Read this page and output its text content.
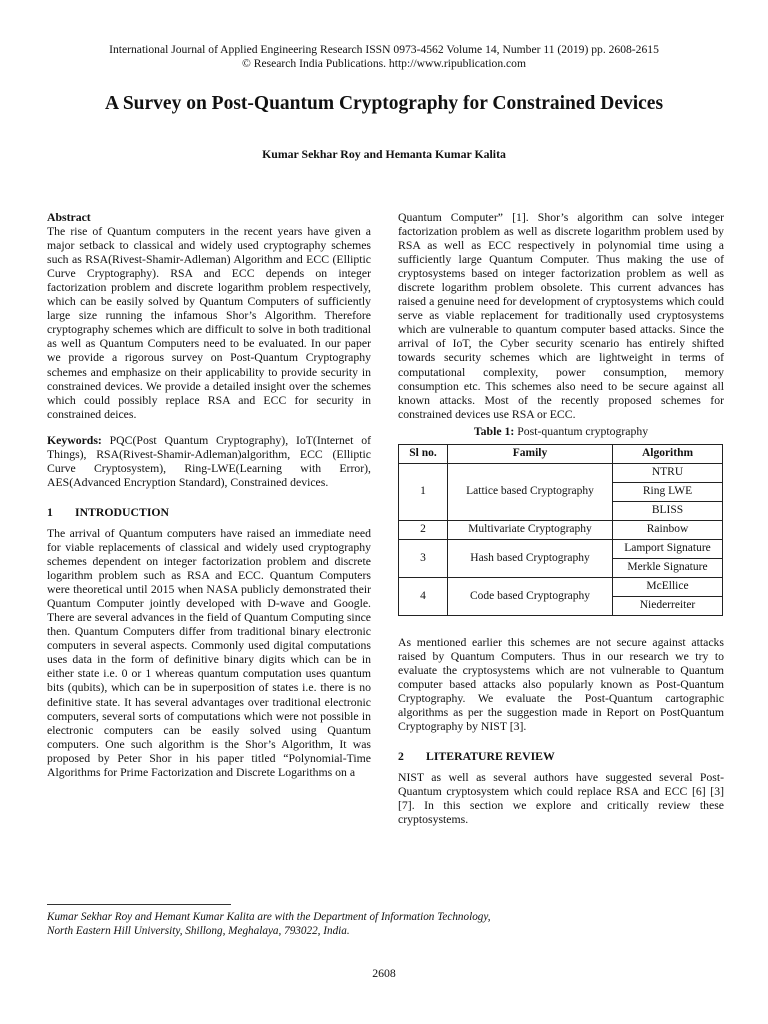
International Journal of Applied Engineering Research ISSN 0973-4562 Volume 14, Number 11 (2019) pp. 2608-2615
© Research India Publications. http://www.ripublication.com
A Survey on Post-Quantum Cryptography for Constrained Devices
Kumar Sekhar Roy and Hemanta Kumar Kalita

Abstract

The rise of Quantum computers in the recent years have given a major setback to classical and widely used cryptography schemes such as RSA(Rivest-Shamir-Adleman) Algorithm and ECC (Elliptic Curve Cryptography). RSA and ECC depends on integer factorization problem and discrete logarithm problem respectively, which can be easily solved by Quantum Computers of sufficiently large size running the infamous Shor’s Algorithm. Therefore cryptography schemes which are difficult to solve in both traditional as well as Quantum Computers need to be evaluated. In our paper we provide a rigorous survey on Post-Quantum Cryptography schemes and emphasize on their applicability to provide security in constrained devices. We provide a detailed insight over the schemes which could possibly replace RSA and ECC for security in constrained deices.

Keywords: PQC(Post Quantum Cryptography), IoT(Internet of Things), RSA(Rivest-Shamir-Adleman)algorithm, ECC (Elliptic Curve Cryptosystem), Ring-LWE(Learning with Error), AES(Advanced Encryption Standard), Constrained devices.

1 INTRODUCTION

The arrival of Quantum computers have raised an immediate need for viable replacements of classical and widely used cryptography schemes dependent on integer factorization problem and discrete logarithm problem such as RSA and ECC. Quantum Computers were theoretical until 2015 when NASA publicly demonstrated their Quantum Computer jointly developed with D-wave and Google. There are several advances in the field of Quantum Computing since then. Quantum Computers differ from traditional binary electronic computers in several aspects. Commonly used digital computations uses data in the form of definitive binary digits which can be in either state i.e. 0 or 1 whereas quantum computation uses quantum bits (qubits), which can be in superposition of states i.e. there is no definitive state. It has several advantages over traditional electronic computers, several sorts of computations which were not possible in electronic computers can be easily solved using Quantum computers. One such algorithm is the Shor’s Algorithm, It was proposed by Peter Shor in his paper titled “Polynomial-Time Algorithms for Prime Factorization and Discrete Logarithms on a

Quantum Computer” [1]. Shor’s algorithm can solve integer factorization problem as well as discrete logarithm problem used by RSA as well as ECC respectively in polynomial time using a sufficiently large Quantum Computer. Thus making the use of cryptosystems based on integer factorization problem as well as discrete logarithm problem obsolete. This current advances has raised a genuine need for development of cryptosystems which could serve as viable replacement for traditionally used cryptosystems which are vulnerable to quantum computer based attacks. Since the arrival of IoT, the Cyber security scenario has entirely shifted towards security schemes which are lightweight in terms of computational complexity, power consumption, memory consumption etc. This schemes also need to be secure against all known attacks. Most of the recently proposed schemes for constrained devices use RSA or ECC.

Table 1: Post-quantum cryptography

Sl no.	Family	Algorithm
1	Lattice based Cryptography	NTRU
		Ring LWE
		BLISS
2	Multivariate Cryptography	Rainbow
3	Hash based Cryptography	Lamport Signature
		Merkle Signature
4	Code based Cryptography	McEllice
		Niederreiter

As mentioned earlier this schemes are not secure against attacks raised by Quantum Computers. Thus in our research we try to evaluate the cryptosystems which are not vulnerable to Quantum computer based attacks also popularly known as Post-Quantum Cryptography. We evaluate the Post-Quantum cartographic algorithms as per the suggestion made in Report on PostQuantum Cryptography by NIST [3].

2 LITERATURE REVIEW

NIST as well as several authors have suggested several Post-Quantum cryptosystem which could replace RSA and ECC [6] [3] [7]. In this section we explore and critically review these cryptosystems.

Kumar Sekhar Roy and Hemant Kumar Kalita are with the Department of Information Technology,
North Eastern Hill University, Shillong, Meghalaya, 793022, India.
2608
